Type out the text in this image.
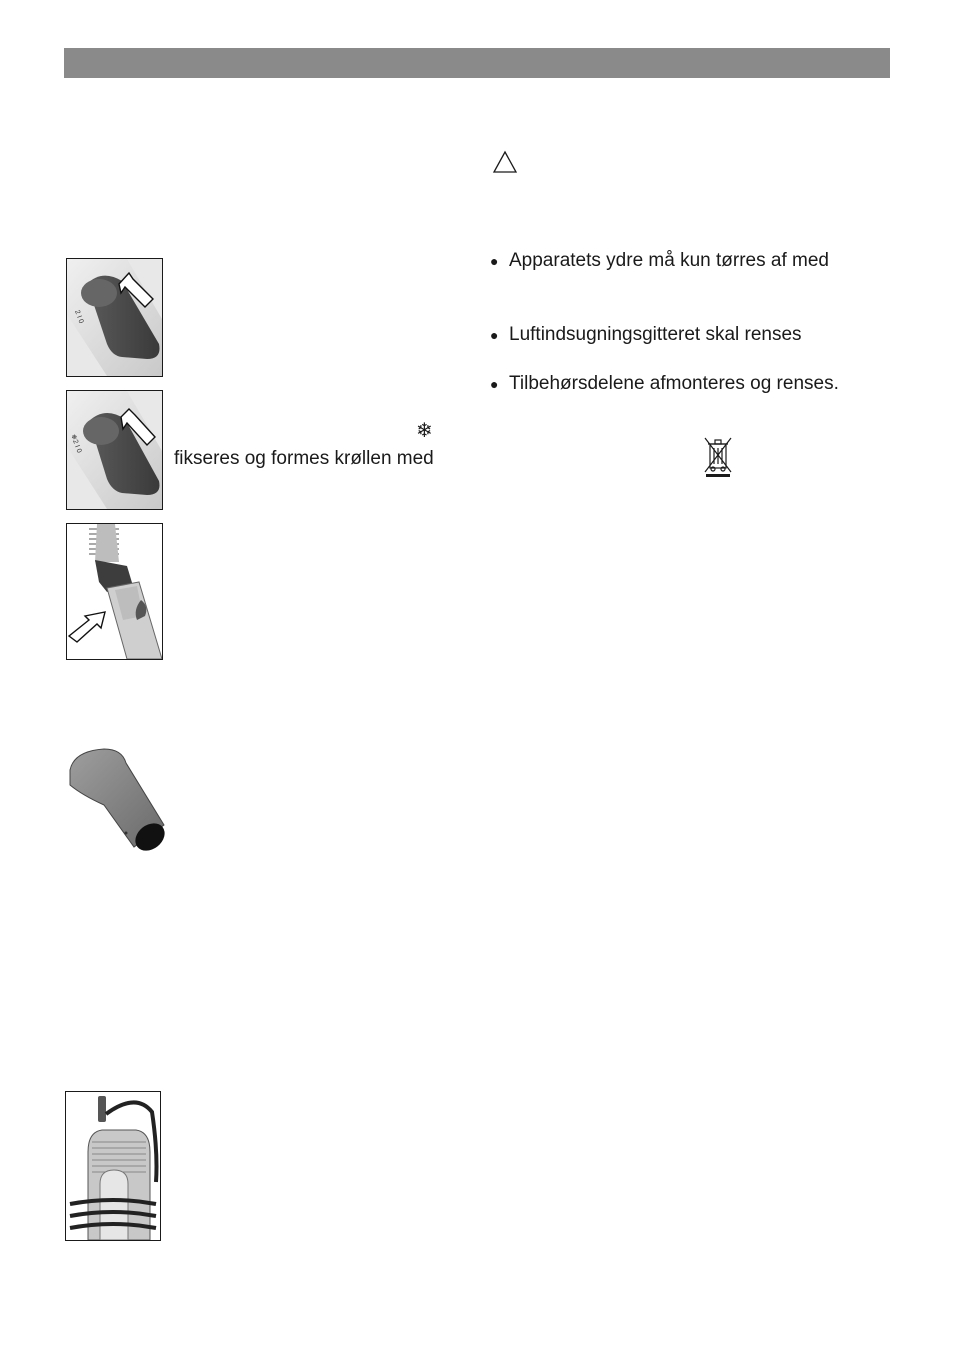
2 I 0
❄2 I 0
❄
fikseres og formes krøllen med
● Apparatets ydre må kun tørres af med
● Luftindsugningsgitteret skal renses
● Tilbehørsdelene afmonteres og renses.
